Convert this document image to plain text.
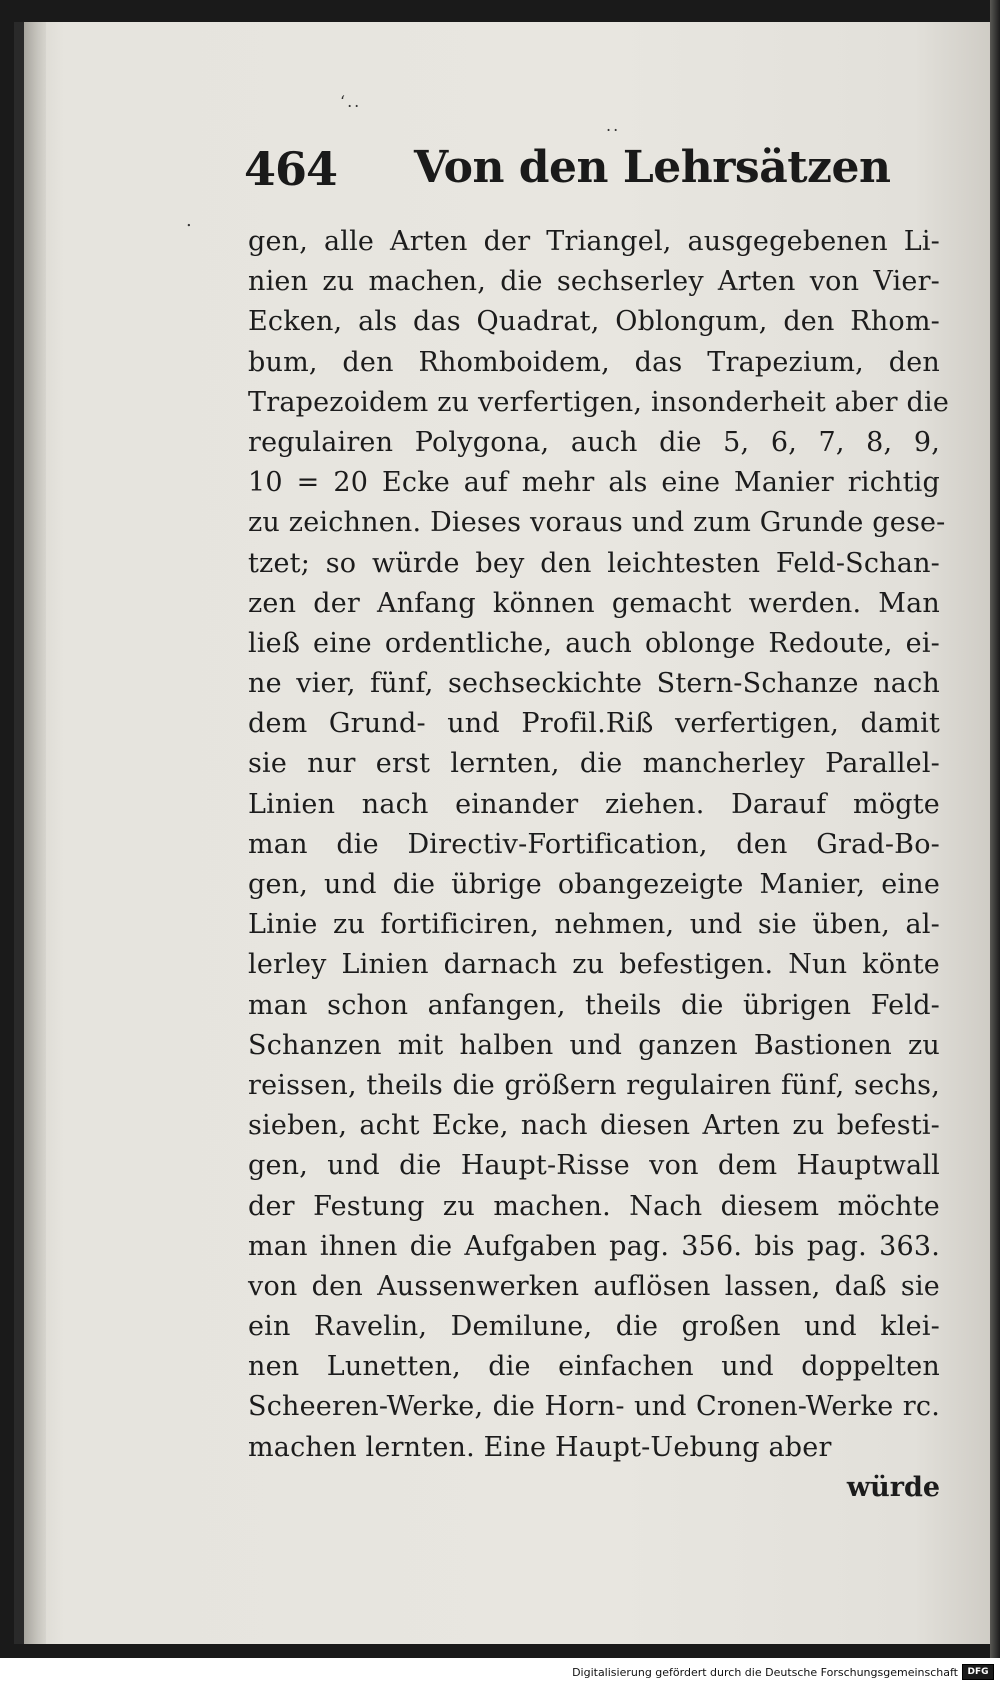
‘..
..
.
464 Von den Lehrsätzen
gen, alle Arten der Triangel, ausgegebenen Li-
nien zu machen, die sechserley Arten von Vier-
Ecken, als das Quadrat, Oblongum, den Rhom-
bum, den Rhomboidem, das Trapezium, den
Trapezoidem zu verfertigen, insonderheit aber die
regulairen Polygona, auch die 5, 6, 7, 8, 9,
10 = 20 Ecke auf mehr als eine Manier richtig
zu zeichnen. Dieses voraus und zum Grunde gese-
tzet; so würde bey den leichtesten Feld-Schan-
zen der Anfang können gemacht werden. Man
ließ eine ordentliche, auch oblonge Redoute, ei-
ne vier, fünf, sechseckichte Stern-Schanze nach
dem Grund- und Profil.Riß verfertigen, damit
sie nur erst lernten, die mancherley Parallel-
Linien nach einander ziehen. Darauf mögte
man die Directiv-Fortification, den Grad-Bo-
gen, und die übrige obangezeigte Manier, eine
Linie zu fortificiren, nehmen, und sie üben, al-
lerley Linien darnach zu befestigen. Nun könte
man schon anfangen, theils die übrigen Feld-
Schanzen mit halben und ganzen Bastionen zu
reissen, theils die größern regulairen fünf, sechs,
sieben, acht Ecke, nach diesen Arten zu befesti-
gen, und die Haupt-Risse von dem Hauptwall
der Festung zu machen. Nach diesem möchte
man ihnen die Aufgaben pag. 356. bis pag. 363.
von den Aussenwerken auflösen lassen, daß sie
ein Ravelin, Demilune, die großen und klei-
nen Lunetten, die einfachen und doppelten
Scheeren-Werke, die Horn- und Cronen-Werke rc.
machen lernten. Eine Haupt-Uebung aber
würde
Digitalisierung gefördert durch die Deutsche Forschungsgemeinschaft	DFG
